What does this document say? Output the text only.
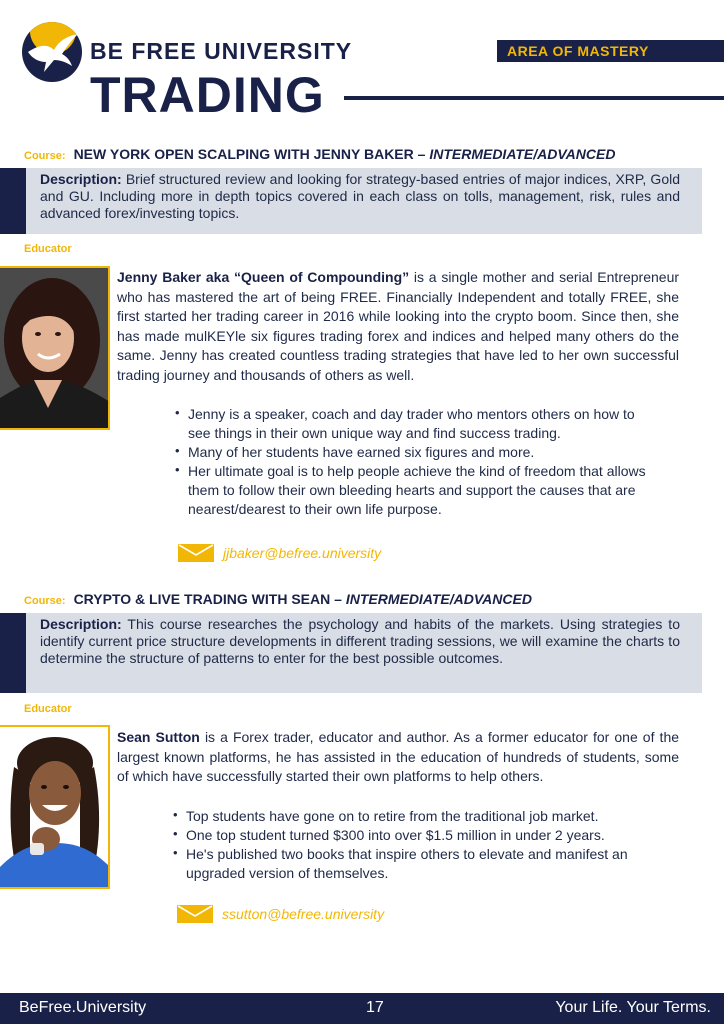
BE FREE UNIVERSITY
TRADING
AREA OF MASTERY
Course: NEW YORK OPEN SCALPING WITH JENNY BAKER – INTERMEDIATE/ADVANCED
Description: Brief structured review and looking for strategy-based entries of major indices, XRP, Gold and GU. Including more in depth topics covered in each class on tolls, management, risk, rules and advanced forex/investing topics.
Educator
Jenny Baker aka “Queen of Compounding” is a single mother and serial Entrepreneur who has mastered the art of being FREE. Financially Independent and totally FREE, she first started her trading career in 2016 while looking into the crypto boom. Since then, she has made mulKEYle six figures trading forex and indices and helped many others do the same. Jenny has created countless trading strategies that have led to her own successful trading journey and thousands of others as well.
• Jenny is a speaker, coach and day trader who mentors others on how to see things in their own unique way and find success trading.
• Many of her students have earned six figures and more.
• Her ultimate goal is to help people achieve the kind of freedom that allows them to follow their own bleeding hearts and support the causes that are nearest/dearest to their own life purpose.
jjbaker@befree.university
Course: CRYPTO & LIVE TRADING WITH SEAN – INTERMEDIATE/ADVANCED
Description: This course researches the psychology and habits of the markets. Using strategies to identify current price structure developments in different trading sessions, we will examine the charts to determine the structure of patterns to enter for the best possible outcomes.
Educator
Sean Sutton is a Forex trader, educator and author. As a former educator for one of the largest known platforms, he has assisted in the education of hundreds of students, some of which have successfully started their own platforms to help others.
• Top students have gone on to retire from the traditional job market.
• One top student turned $300 into over $1.5 million in under 2 years.
• He's published two books that inspire others to elevate and manifest an upgraded version of themselves.
ssutton@befree.university
BeFree.University	17	Your Life. Your Terms.
